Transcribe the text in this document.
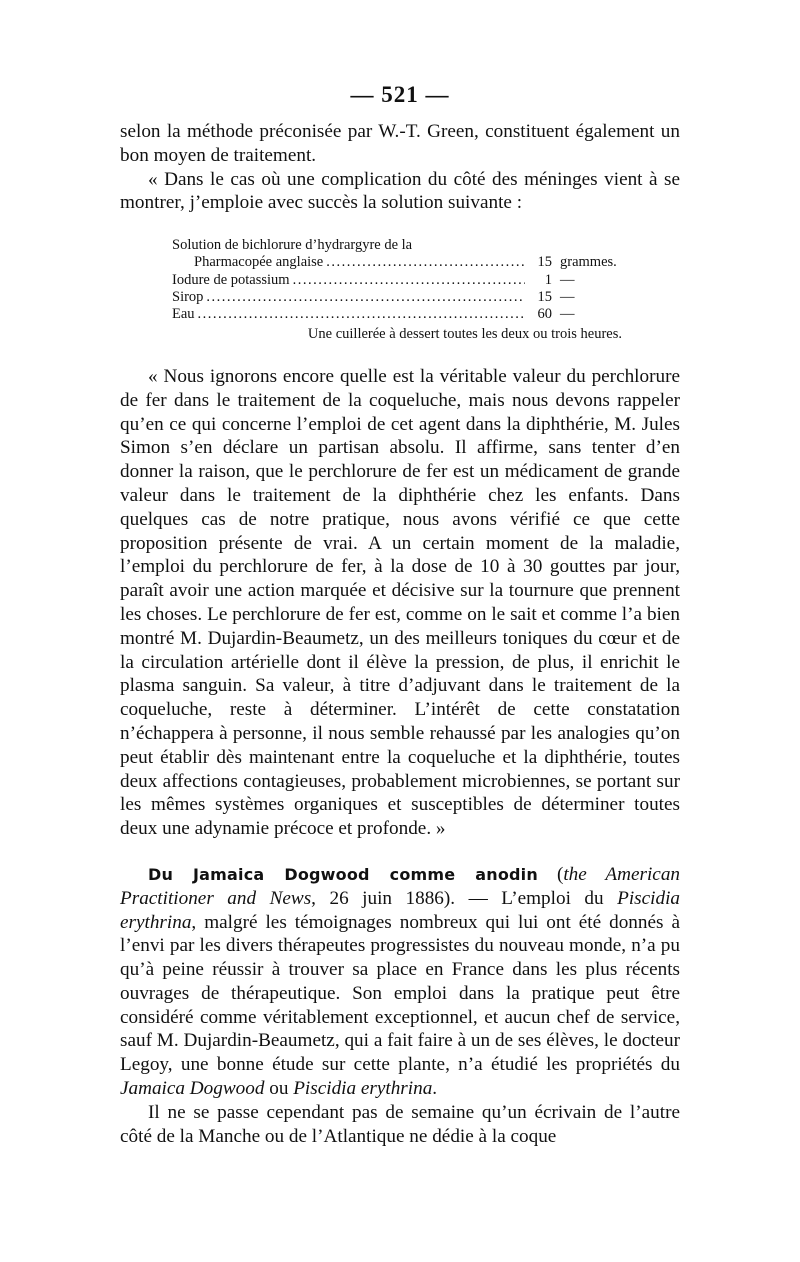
— 521 —

selon la méthode préconisée par W.-T. Green, constituent également un bon moyen de traitement.

« Dans le cas où une complication du côté des méninges vient à se montrer, j’emploie avec succès la solution suivante :

Solution de bichlorure d’hydrargyre de la
Pharmacopée anglaise .....	15 grammes.
Iodure de potassium .....	1 —
Sirop .....	15 —
Eau .....	60 —
Une cuillerée à dessert toutes les deux ou trois heures.

« Nous ignorons encore quelle est la véritable valeur du perchlorure de fer dans le traitement de la coqueluche, mais nous devons rappeler qu’en ce qui concerne l’emploi de cet agent dans la diphthérie, M. Jules Simon s’en déclare un partisan absolu. Il affirme, sans tenter d’en donner la raison, que le perchlorure de fer est un médicament de grande valeur dans le traitement de la diphthérie chez les enfants. Dans quelques cas de notre pratique, nous avons vérifié ce que cette proposition présente de vrai. A un certain moment de la maladie, l’emploi du perchlorure de fer, à la dose de 10 à 30 gouttes par jour, paraît avoir une action marquée et décisive sur la tournure que prennent les choses. Le perchlorure de fer est, comme on le sait et comme l’a bien montré M. Dujardin-Beaumetz, un des meilleurs toniques du cœur et de la circulation artérielle dont il élève la pression, de plus, il enrichit le plasma sanguin. Sa valeur, à titre d’adjuvant dans le traitement de la coqueluche, reste à déterminer. L’intérêt de cette constatation n’échappera à personne, il nous semble rehaussé par les analogies qu’on peut établir dès maintenant entre la coqueluche et la diphthérie, toutes deux affections contagieuses, probablement microbiennes, se portant sur les mêmes systèmes organiques et susceptibles de déterminer toutes deux une adynamie précoce et profonde. »

Du Jamaica Dogwood comme anodin (the American Practitioner and News, 26 juin 1886). — L’emploi du Piscidia erythrina, malgré les témoignages nombreux qui lui ont été donnés à l’envi par les divers thérapeutes progressistes du nouveau monde, n’a pu qu’à peine réussir à trouver sa place en France dans les plus récents ouvrages de thérapeutique. Son emploi dans la pratique peut être considéré comme véritablement exceptionnel, et aucun chef de service, sauf M. Dujardin-Beaumetz, qui a fait faire à un de ses élèves, le docteur Legoy, une bonne étude sur cette plante, n’a étudié les propriétés du Jamaica Dogwood ou Piscidia erythrina.

Il ne se passe cependant pas de semaine qu’un écrivain de l’autre côté de la Manche ou de l’Atlantique ne dédie à la coque
